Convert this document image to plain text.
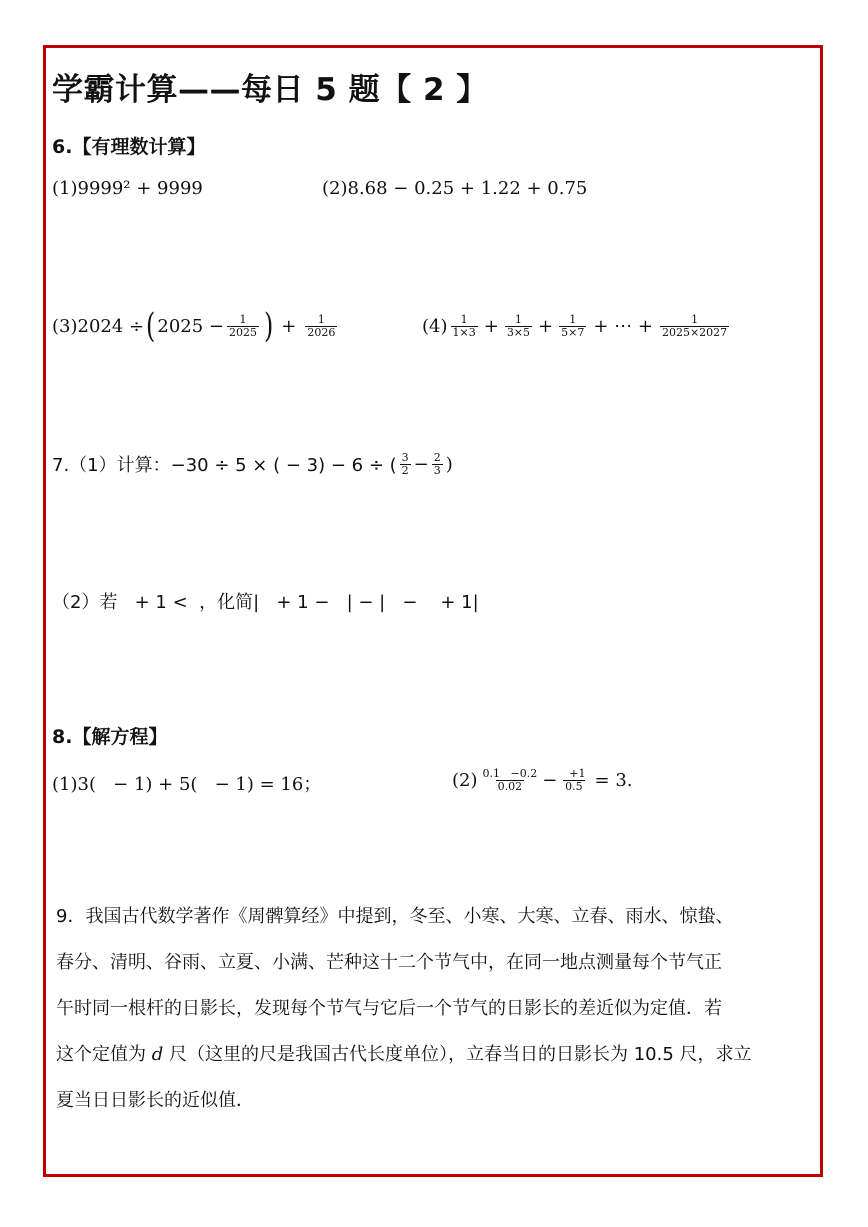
学霸计算——每日 5 题【 2 】
6.【有理数计算】
(1)9999² + 9999	(2)8.68 − 0.25 + 1.22 + 0.75
(3)2024 ÷ ( $2025 - \frac{1}{2025}$ ) + $\frac{1}{2026}$	$(4) \frac{1}{1\times 3} + \frac{1}{3\times 5} + \frac{1}{5\times 7}$ + ⋯ + $\frac{1}{2025\times 2027}$
7.（1）计算：−30 ÷ 5 × ( − 3) − 6 ÷ ( $\frac{3}{2} - \frac{2}{3}$ )
（2）若   + 1 <  ，化简|   + 1 −   | − |   −    + 1|
8.【解方程】
(1)3(   − 1) + 5(   − 1) = 16；	$(2) \frac{0.1 -0.2}{0.02} - \frac{+1}{0.5} = 3$.
9．我国古代数学著作《周髀算经》中提到，冬至、小寒、大寒、立春、雨水、惊蛰、
春分、清明、谷雨、立夏、小满、芒种这十二个节气中，在同一地点测量每个节气正
午时同一根杆的日影长，发现每个节气与它后一个节气的日影长的差近似为定值．若
这个定值为 d 尺（这里的尺是我国古代长度单位），立春当日的日影长为 10.5 尺，求立
夏当日日影长的近似值．
